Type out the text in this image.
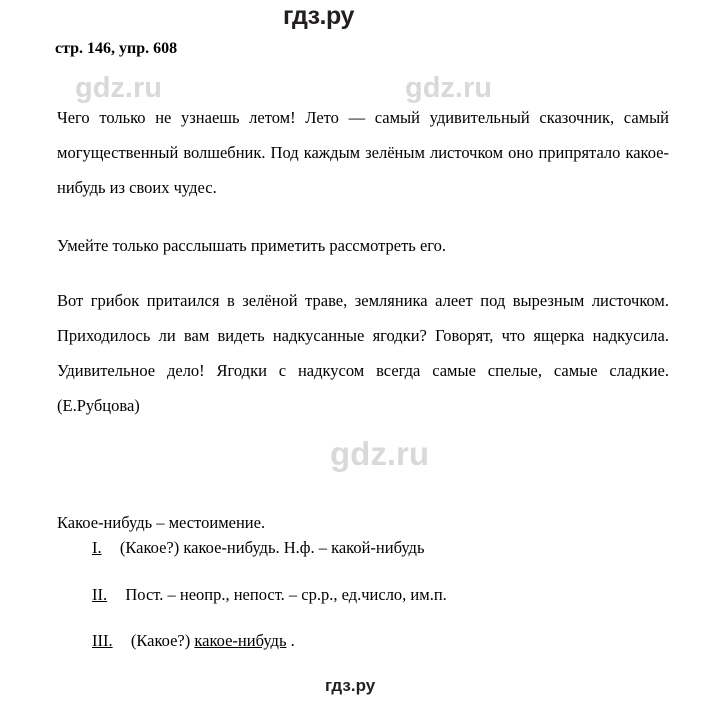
гдз.ру
стр. 146, упр. 608
gdz.ru	gdz.ru
gdz.ru
Чего только не узнаешь летом! Лето — самый удивительный сказочник, самый могущественный волшебник. Под каждым зелёным листочком оно припрятало какое-нибудь из своих чудес.
Умейте только расслышать приметить рассмотреть его.
Вот грибок притаился в зелёной траве, земляника алеет под вырезным листочком. Приходилось ли вам видеть надкусанные ягодки? Говорят, что ящерка надкусила. Удивительное дело! Ягодки с надкусом всегда самые спелые, самые сладкие. (Е.Рубцова)
Какое-нибудь – местоимение.
I. (Какое?) какое-нибудь. Н.ф. – какой-нибудь
II. Пост. – неопр., непост. – ср.р., ед.число, им.п.
III. (Какое?) какое-нибудь .
гдз.ру
